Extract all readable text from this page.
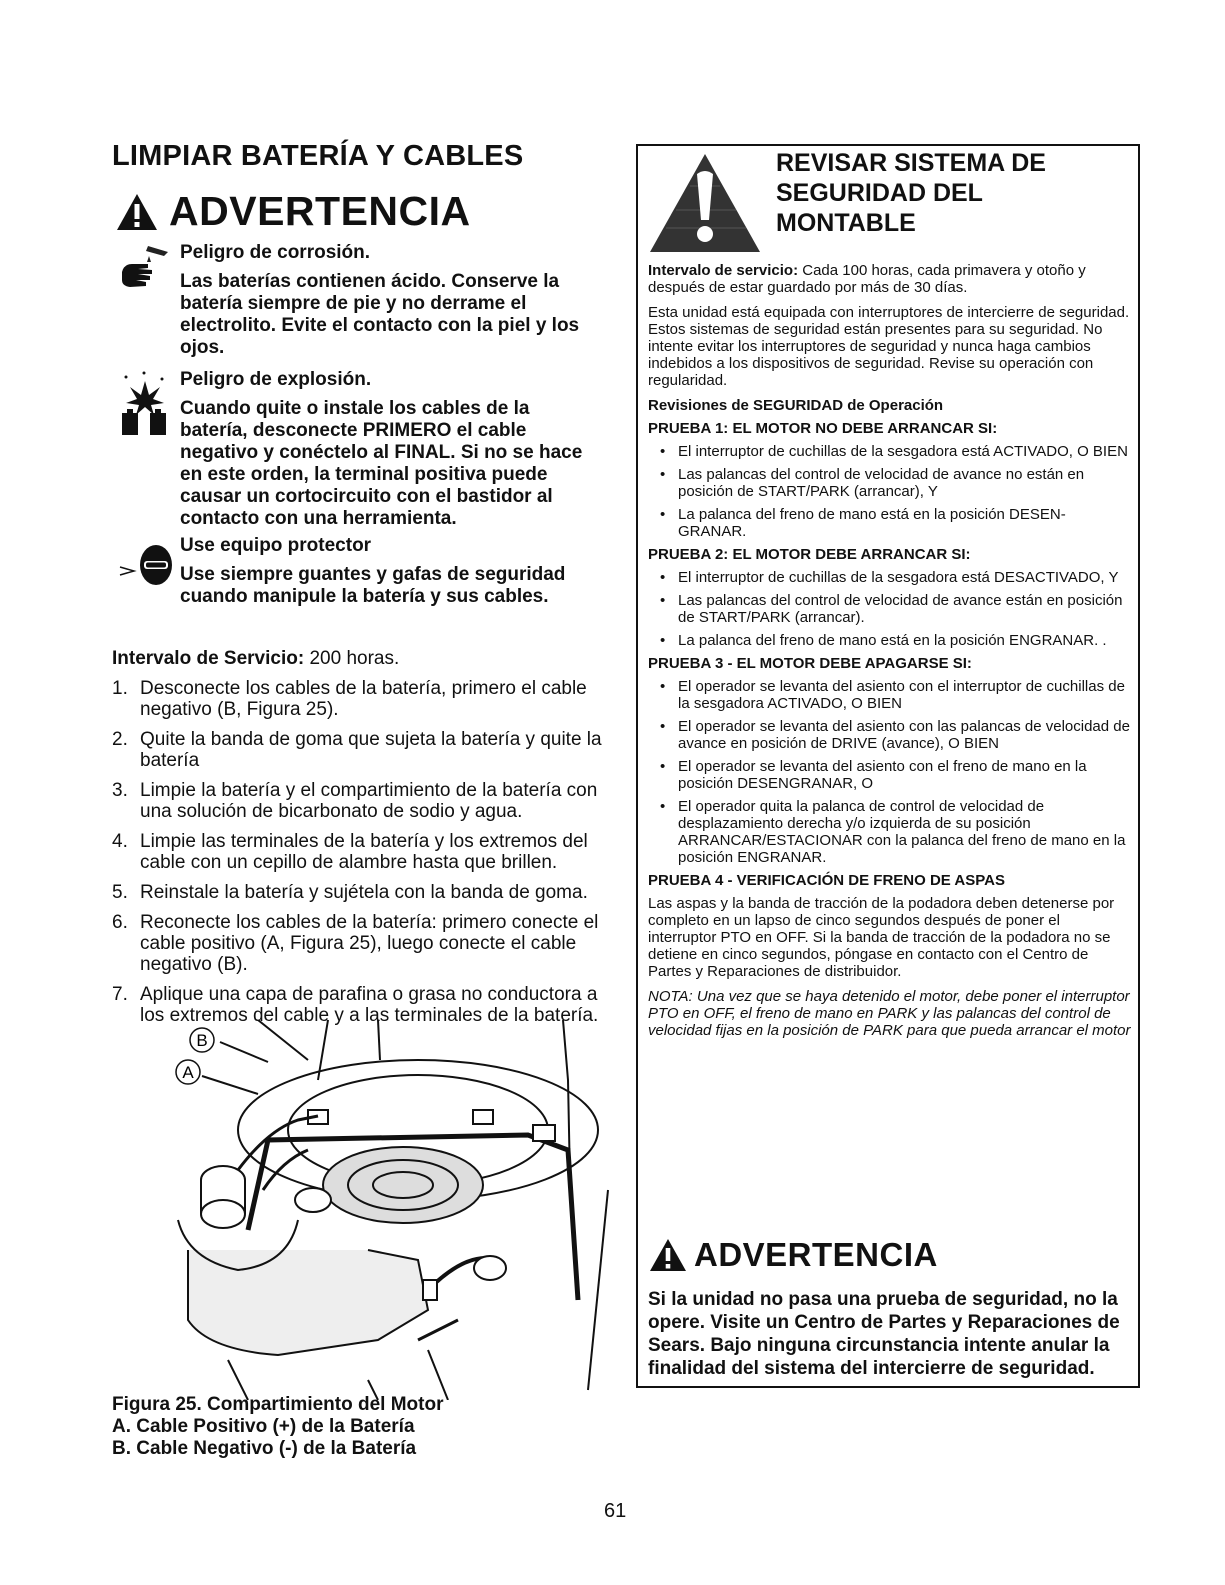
LIMPIAR BATERÍA Y CABLES
ADVERTENCIA
Peligro de corrosión.
Las baterías contienen ácido. Conserve la batería siempre de pie y no derrame el electrolito. Evite el contacto con la piel y los ojos.
Peligro de explosión.
Cuando quite o instale los cables de la batería, desconecte PRIMERO el cable negativo y conéctelo al FINAL. Si no se hace en este orden, la terminal positiva puede causar un cortocircuito con el bastidor al contacto con una herramienta.
Use equipo protector
Use siempre guantes y gafas de seguridad cuando manipule la batería y sus cables.
Intervalo de Servicio: 200 horas.
1. Desconecte los cables de la batería, primero el cable negativo (B, Figura 25).
2. Quite la banda de goma que sujeta la batería y quite la batería
3. Limpie la batería y el compartimiento de la batería con una solución de bicarbonato de sodio y agua.
4. Limpie las terminales de la batería y los extremos del cable con un cepillo de alambre hasta que brillen.
5. Reinstale la batería y sujétela con la banda de goma.
6. Reconecte los cables de la batería: primero conecte el cable positivo (A, Figura 25), luego conecte el cable negativo (B).
7. Aplique una capa de parafina o grasa no conductora a los extremos del cable y a las terminales de la batería.
B
A
Figura 25. Compartimiento del Motor
A. Cable Positivo (+) de la Batería
B. Cable Negativo (-) de la Batería
REVISAR SISTEMA DE
SEGURIDAD DEL
MONTABLE

Intervalo de servicio: Cada 100 horas, cada primavera y otoño y después de estar guardado por más de 30 días.

Esta unidad está equipada con interruptores de intercierre de seguridad. Estos sistemas de seguridad están presentes para su seguridad. No intente evitar los interruptores de seguridad y nunca haga cambios indebidos a los dispositivos de seguridad. Revise su operación con regularidad.

Revisiones de SEGURIDAD de Operación
PRUEBA 1: EL MOTOR NO DEBE ARRANCAR SI:
• El interruptor de cuchillas de la sesgadora está ACTIVADO, O BIEN
• Las palancas del control de velocidad de avance no están en posición de START/PARK (arrancar), Y
• La palanca del freno de mano está en la posición DESEN-GRANAR.
PRUEBA 2: EL MOTOR DEBE ARRANCAR SI:
• El interruptor de cuchillas de la sesgadora está DESACTIVADO, Y
• Las palancas del control de velocidad de avance están en posición de START/PARK (arrancar).
• La palanca del freno de mano está en la posición ENGRANAR. .
PRUEBA 3 - EL MOTOR DEBE APAGARSE SI:
• El operador se levanta del asiento con el interruptor de cuchillas de la sesgadora ACTIVADO, O BIEN
• El operador se levanta del asiento con las palancas de velocidad de avance en posición de DRIVE (avance), O BIEN
• El operador se levanta del asiento con el freno de mano en la posición DESENGRANAR, O
• El operador quita la palanca de control de velocidad de desplazamiento derecha y/o izquierda de su posición ARRANCAR/ESTACIONAR con la palanca del freno de mano en la posición ENGRANAR.
PRUEBA 4 - VERIFICACIÓN DE FRENO DE ASPAS

Las aspas y la banda de tracción de la podadora deben detenerse por completo en un lapso de cinco segundos después de poner el interruptor PTO en OFF. Si la banda de tracción de la podadora no se detiene en cinco segundos, póngase en contacto con el Centro de Partes y Reparaciones de distribuidor.

NOTA: Una vez que se haya detenido el motor, debe poner el interruptor PTO en OFF, el freno de mano en PARK y las palancas del control de velocidad fijas en la posición de PARK para que pueda arrancar el motor

ADVERTENCIA
Si la unidad no pasa una prueba de seguridad, no la opere. Visite un Centro de Partes y Reparaciones de Sears. Bajo ninguna circunstancia intente anular la finalidad del sistema del intercierre de seguridad.
61
